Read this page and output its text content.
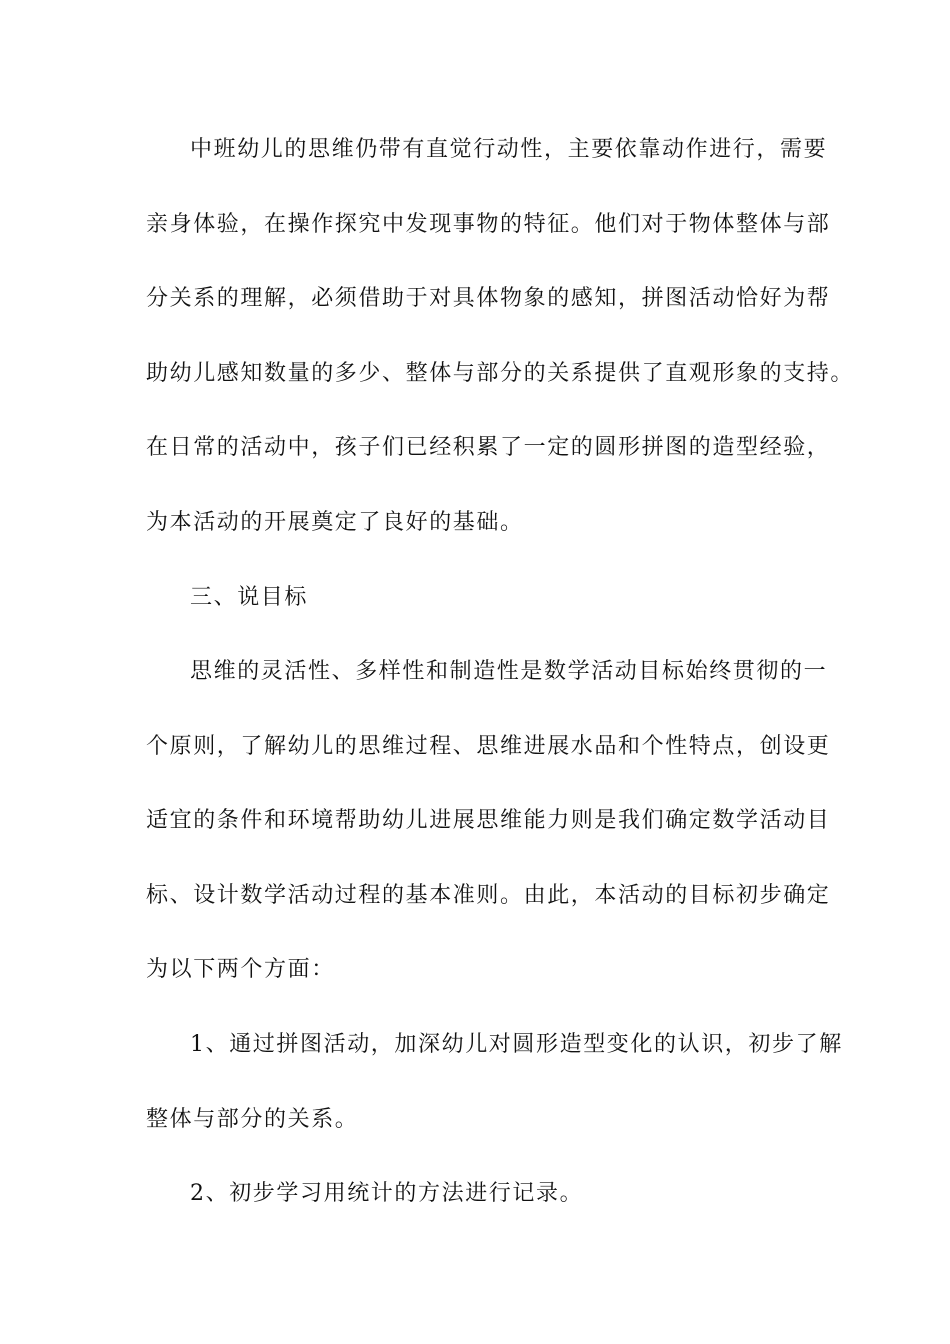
中班幼儿的思维仍带有直觉行动性，主要依靠动作进行，需要
亲身体验，在操作探究中发现事物的特征。他们对于物体整体与部
分关系的理解，必须借助于对具体物象的感知，拼图活动恰好为帮
助幼儿感知数量的多少、整体与部分的关系提供了直观形象的支持。
在日常的活动中，孩子们已经积累了一定的圆形拼图的造型经验，
为本活动的开展奠定了良好的基础。
三、说目标
思维的灵活性、多样性和制造性是数学活动目标始终贯彻的一
个原则，了解幼儿的思维过程、思维进展水品和个性特点，创设更
适宜的条件和环境帮助幼儿进展思维能力则是我们确定数学活动目
标、设计数学活动过程的基本准则。由此，本活动的目标初步确定
为以下两个方面：
1、通过拼图活动，加深幼儿对圆形造型变化的认识，初步了解
整体与部分的关系。
2、初步学习用统计的方法进行记录。
